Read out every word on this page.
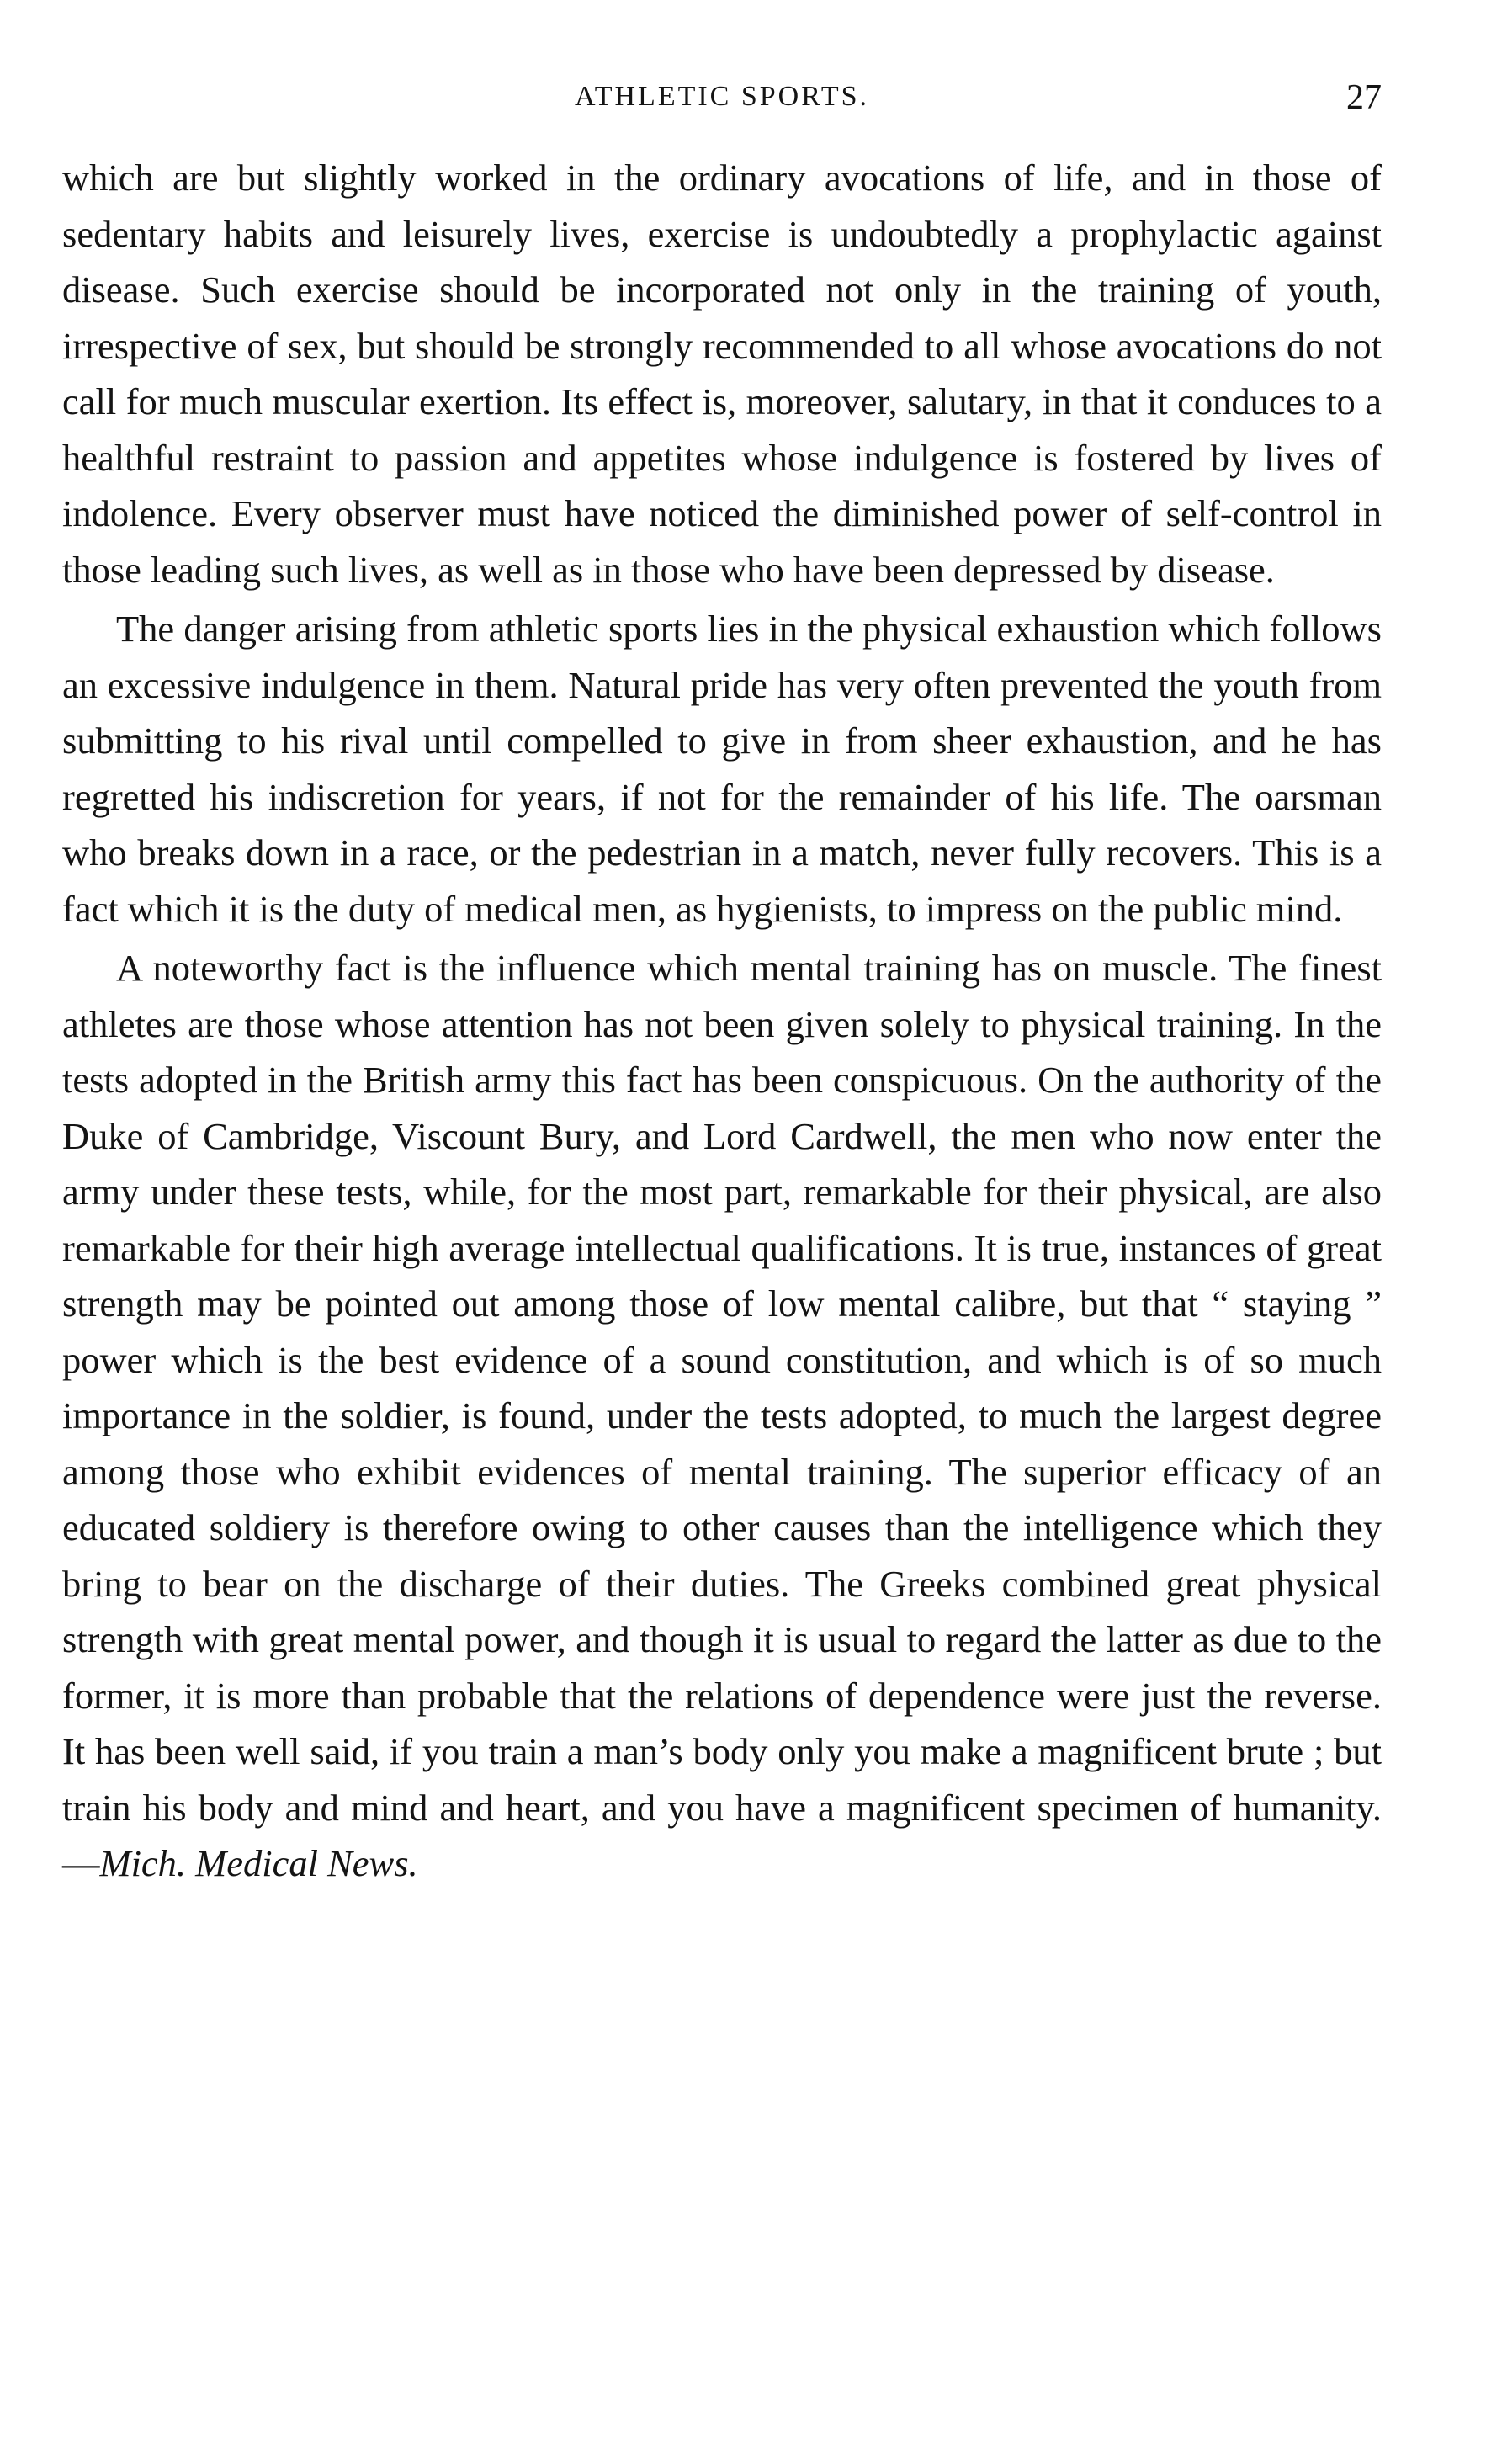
ATHLETIC SPORTS.	27

which are but slightly worked in the ordinary avocations of life, and in those of sedentary habits and leisurely lives, exercise is undoubtedly a prophylactic against disease. Such exercise should be incorporated not only in the training of youth, irrespective of sex, but should be strongly recommended to all whose avocations do not call for much muscular exertion. Its effect is, moreover, salutary, in that it conduces to a healthful restraint to passion and appetites whose indulgence is fostered by lives of indolence. Every observer must have noticed the diminished power of self-control in those leading such lives, as well as in those who have been depressed by disease.

The danger arising from athletic sports lies in the physical exhaustion which follows an excessive indulgence in them. Natural pride has very often prevented the youth from submitting to his rival until compelled to give in from sheer exhaustion, and he has regretted his indiscretion for years, if not for the remainder of his life. The oarsman who breaks down in a race, or the pedestrian in a match, never fully recovers. This is a fact which it is the duty of medical men, as hygienists, to impress on the public mind.

A noteworthy fact is the influence which mental training has on muscle. The finest athletes are those whose attention has not been given solely to physical training. In the tests adopted in the British army this fact has been conspicuous. On the authority of the Duke of Cambridge, Viscount Bury, and Lord Cardwell, the men who now enter the army under these tests, while, for the most part, remarkable for their physical, are also remarkable for their high average intellectual qualifications. It is true, instances of great strength may be pointed out among those of low mental calibre, but that “ staying ” power which is the best evidence of a sound constitution, and which is of so much importance in the soldier, is found, under the tests adopted, to much the largest degree among those who exhibit evidences of mental training. The superior efficacy of an educated soldiery is therefore owing to other causes than the intelligence which they bring to bear on the discharge of their duties. The Greeks combined great physical strength with great mental power, and though it is usual to regard the latter as due to the former, it is more than probable that the relations of dependence were just the reverse. It has been well said, if you train a man’s body only you make a magnificent brute ; but train his body and mind and heart, and you have a magnificent specimen of humanity.—Mich. Medical News.
